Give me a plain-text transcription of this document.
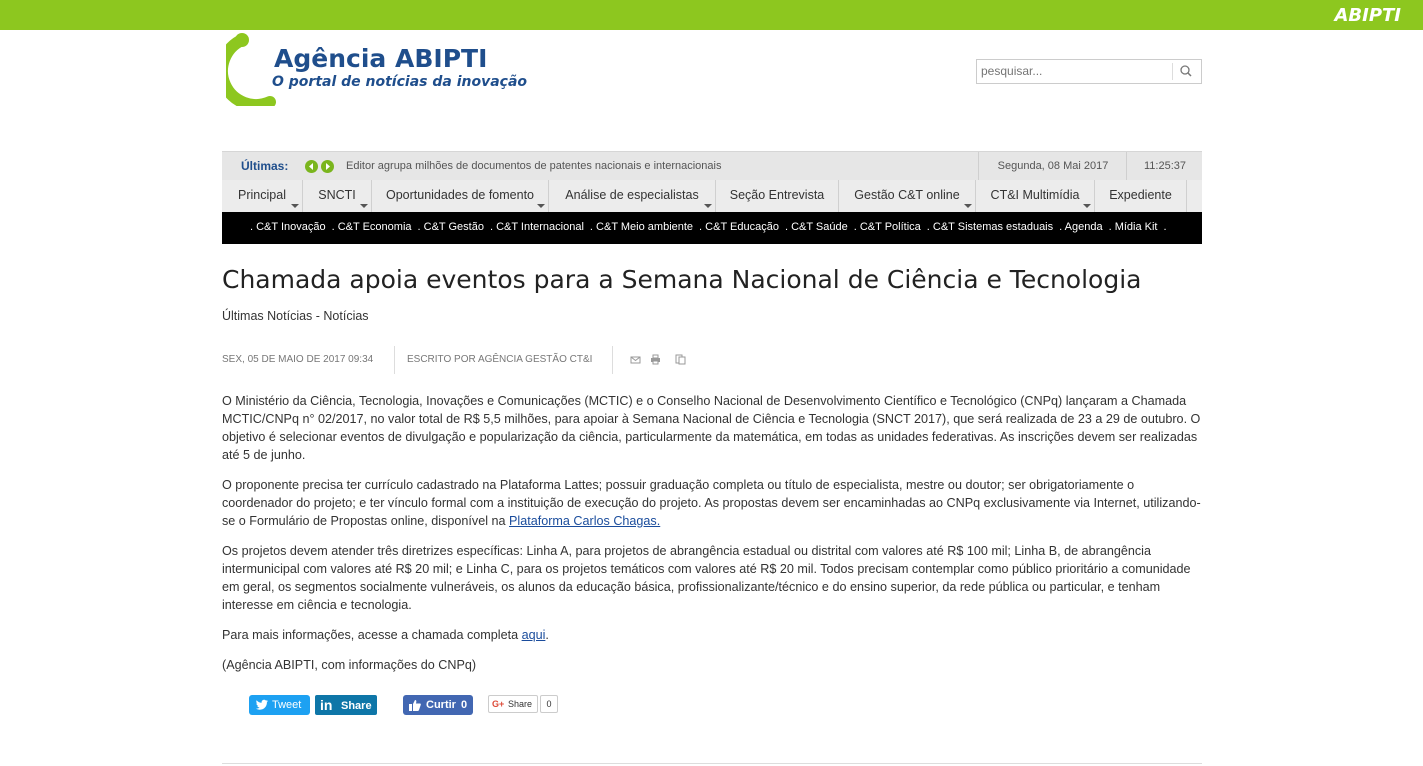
ABIPTI
Agência ABIPTI
O portal de notícias da inovação
pesquisar...
Últimas:	Editor agrupa milhões de documentos de patentes nacionais e internacionais	Segunda, 08 Mai 2017	11:25:37
Principal	SNCTI	Oportunidades de fomento	Análise de especialistas	Seção Entrevista	Gestão C&T online	CT&I Multimídia	Expediente
. C&T Inovação . C&T Economia . C&T Gestão . C&T Internacional . C&T Meio ambiente . C&T Educação . C&T Saúde . C&T Política . C&T Sistemas estaduais . Agenda . Mídia Kit .
Chamada apoia eventos para a Semana Nacional de Ciência e Tecnologia
Últimas Notícias - Notícias
SEX, 05 DE MAIO DE 2017 09:34	ESCRITO POR AGÊNCIA GESTÃO CT&I

O Ministério da Ciência, Tecnologia, Inovações e Comunicações (MCTIC) e o Conselho Nacional de Desenvolvimento Científico e Tecnológico (CNPq) lançaram a Chamada MCTIC/CNPq n° 02/2017, no valor total de R$ 5,5 milhões, para apoiar à Semana Nacional de Ciência e Tecnologia (SNCT 2017), que será realizada de 23 a 29 de outubro. O objetivo é selecionar eventos de divulgação e popularização da ciência, particularmente da matemática, em todas as unidades federativas. As inscrições devem ser realizadas até 5 de junho.

O proponente precisa ter currículo cadastrado na Plataforma Lattes; possuir graduação completa ou título de especialista, mestre ou doutor; ser obrigatoriamente o coordenador do projeto; e ter vínculo formal com a instituição de execução do projeto. As propostas devem ser encaminhadas ao CNPq exclusivamente via Internet, utilizando-se o Formulário de Propostas online, disponível na Plataforma Carlos Chagas.

Os projetos devem atender três diretrizes específicas: Linha A, para projetos de abrangência estadual ou distrital com valores até R$ 100 mil; Linha B, de abrangência intermunicipal com valores até R$ 20 mil; e Linha C, para os projetos temáticos com valores até R$ 20 mil. Todos precisam contemplar como público prioritário a comunidade em geral, os segmentos socialmente vulneráveis, os alunos da educação básica, profissionalizante/técnico e do ensino superior, da rede pública ou particular, e tenham interesse em ciência e tecnologia.

Para mais informações, acesse a chamada completa aqui.

(Agência ABIPTI, com informações do CNPq)

Tweet in Share	Curtir 0	G+ Share	0
